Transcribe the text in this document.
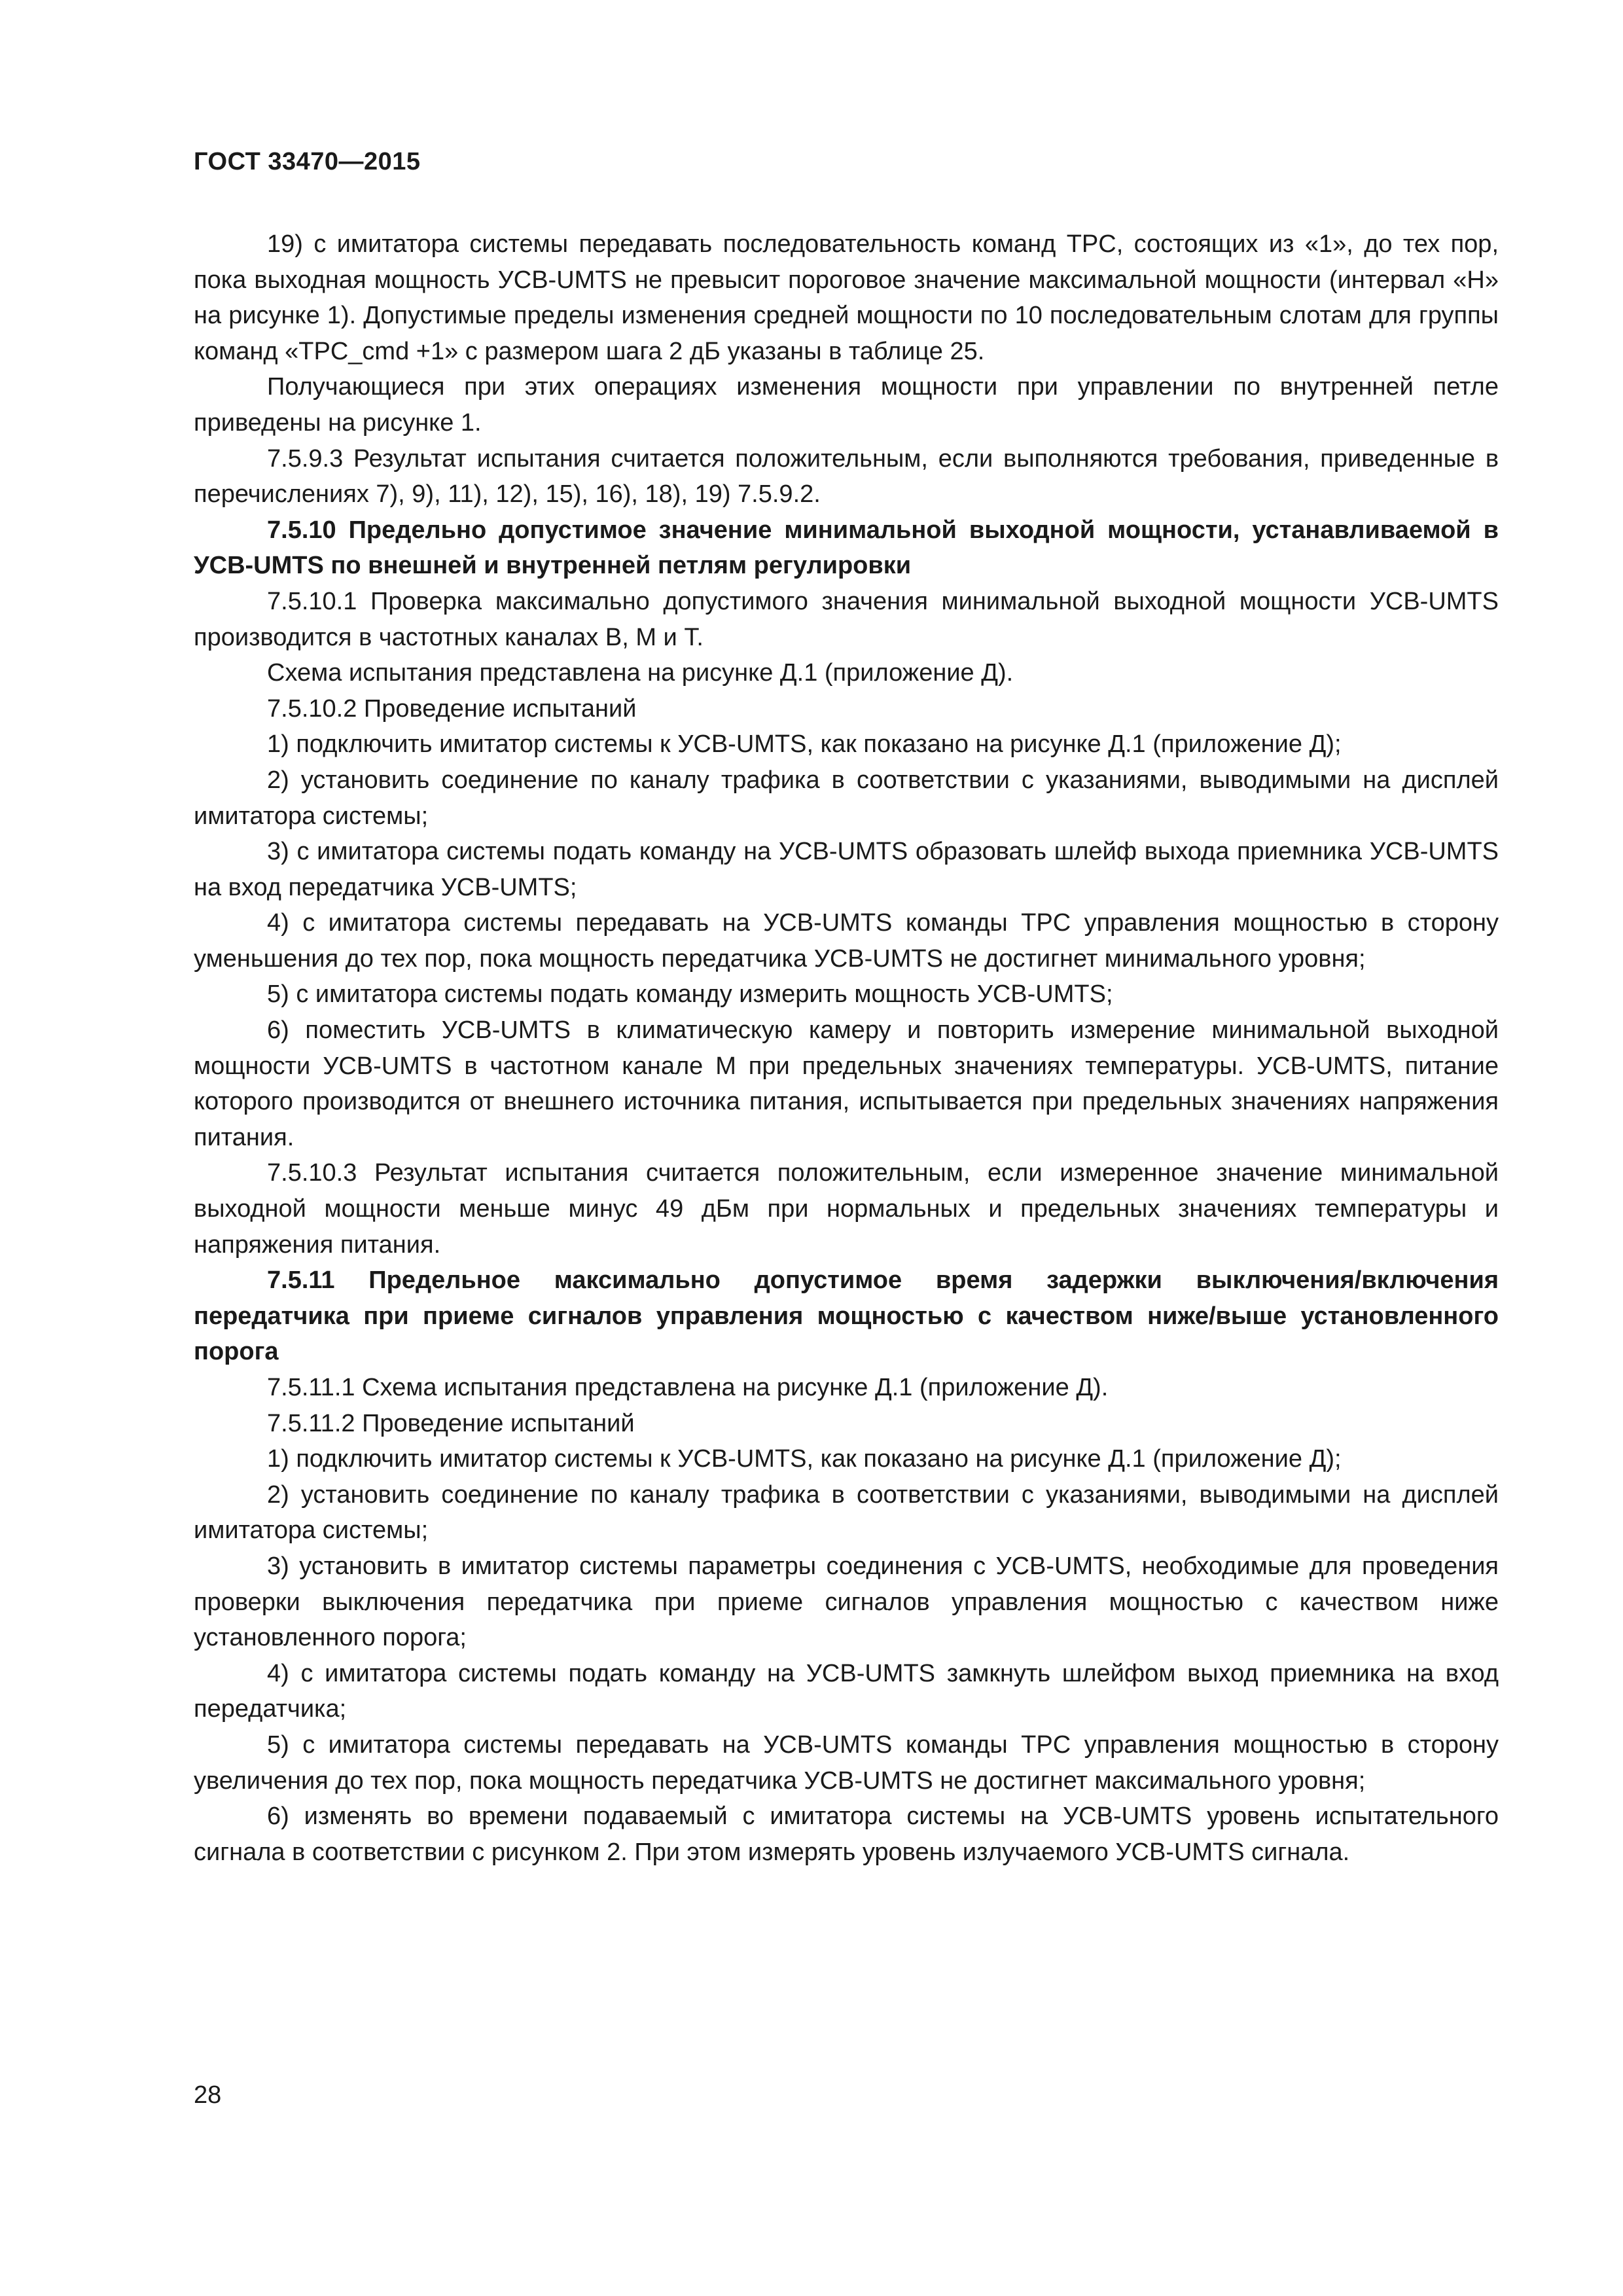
ГОСТ 33470—2015

19) с имитатора системы передавать последовательность команд TPC, состоящих из «1», до тех пор, пока выходная мощность УСВ-UMTS не превысит пороговое значение максимальной мощности (интервал «H» на рисунке 1). Допустимые пределы изменения средней мощности по 10 последовательным слотам для группы команд «TPC_cmd +1» с размером шага 2 дБ указаны в таблице 25.

Получающиеся при этих операциях изменения мощности при управлении по внутренней петле приведены на рисунке 1.

7.5.9.3 Результат испытания считается положительным, если выполняются требования, приведенные в перечислениях 7), 9), 11), 12), 15), 16), 18), 19) 7.5.9.2.

7.5.10 Предельно допустимое значение минимальной выходной мощности, устанавливаемой в УСВ-UMTS по внешней и внутренней петлям регулировки

7.5.10.1 Проверка максимально допустимого значения минимальной выходной мощности УСВ-UMTS производится в частотных каналах B, M и T.

Схема испытания представлена на рисунке Д.1 (приложение Д).

7.5.10.2 Проведение испытаний

1) подключить имитатор системы к УСВ-UMTS, как показано на рисунке Д.1 (приложение Д);

2) установить соединение по каналу трафика в соответствии с указаниями, выводимыми на дисплей имитатора системы;

3) с имитатора системы подать команду на УСВ-UMTS образовать шлейф выхода приемника УСВ-UMTS на вход передатчика УСВ-UMTS;

4) с имитатора системы передавать на УСВ-UMTS команды TPC управления мощностью в сторону уменьшения до тех пор, пока мощность передатчика УСВ-UMTS не достигнет минимального уровня;

5) с имитатора системы подать команду измерить мощность УСВ-UMTS;

6) поместить УСВ-UMTS в климатическую камеру и повторить измерение минимальной выходной мощности УСВ-UMTS в частотном канале M при предельных значениях температуры. УСВ-UMTS, питание которого производится от внешнего источника питания, испытывается при предельных значениях напряжения питания.

7.5.10.3 Результат испытания считается положительным, если измеренное значение минимальной выходной мощности меньше минус 49 дБм при нормальных и предельных значениях температуры и напряжения питания.

7.5.11 Предельное максимально допустимое время задержки выключения/включения передатчика при приеме сигналов управления мощностью с качеством ниже/выше установленного порога

7.5.11.1 Схема испытания представлена на рисунке Д.1 (приложение Д).

7.5.11.2 Проведение испытаний

1) подключить имитатор системы к УСВ-UMTS, как показано на рисунке Д.1 (приложение Д);

2) установить соединение по каналу трафика в соответствии с указаниями, выводимыми на дисплей имитатора системы;

3) установить в имитатор системы параметры соединения с УСВ-UMTS, необходимые для проведения проверки выключения передатчика при приеме сигналов управления мощностью с качеством ниже установленного порога;

4) с имитатора системы подать команду на УСВ-UMTS замкнуть шлейфом выход приемника на вход передатчика;

5) с имитатора системы передавать на УСВ-UMTS команды TPC управления мощностью в сторону увеличения до тех пор, пока мощность передатчика УСВ-UMTS не достигнет максимального уровня;

6) изменять во времени подаваемый с имитатора системы на УСВ-UMTS уровень испытательного сигнала в соответствии с рисунком 2. При этом измерять уровень излучаемого УСВ-UMTS сигнала.

28
